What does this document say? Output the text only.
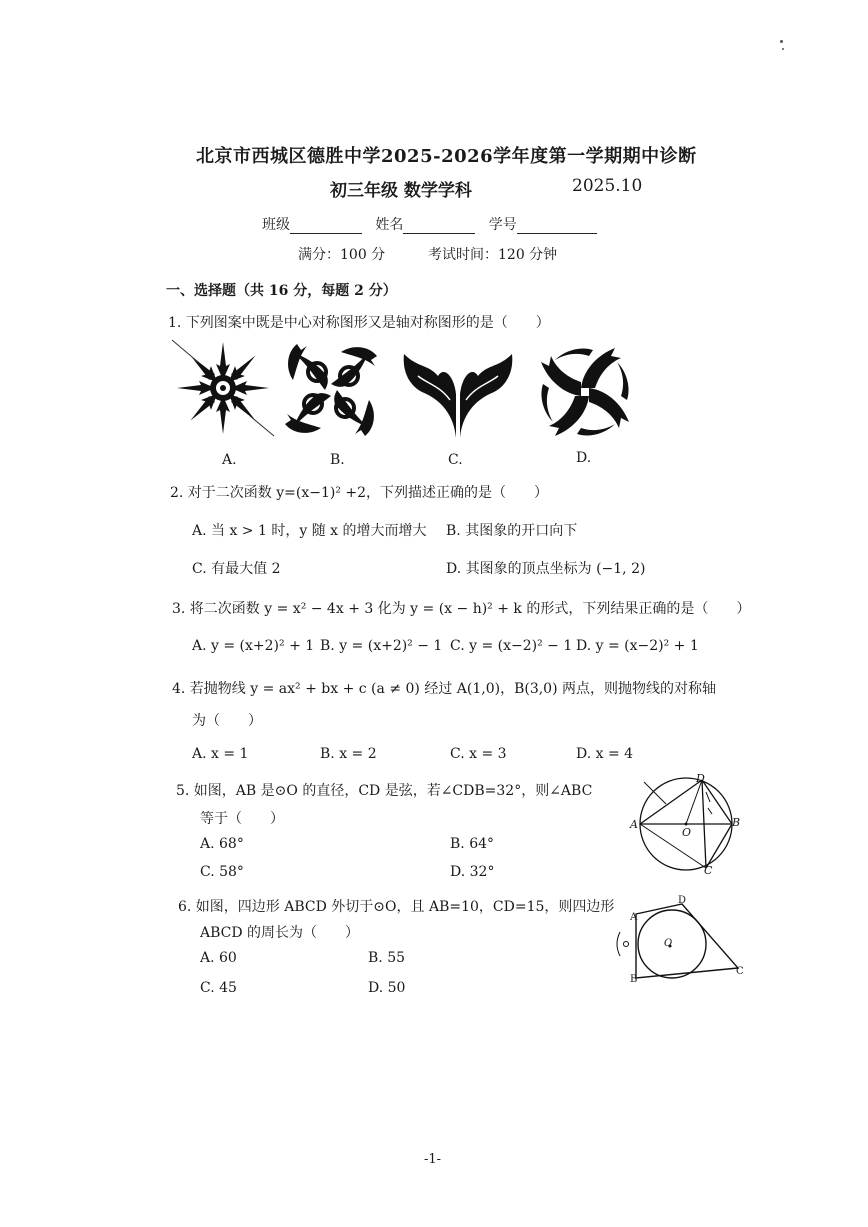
北京市西城区德胜中学2025-2026学年度第一学期期中诊断
初三年级 数学学科	2025.10
班级	姓名	学号
满分：100 分	考试时间：120 分钟
一、选择题（共 16 分，每题 2 分）
1. 下列图案中既是中心对称图形又是轴对称图形的是（　　）
A.	B.	C.	D.
2. 对于二次函数 y=(x−1)² +2，下列描述正确的是（　　）
A. 当 x > 1 时，y 随 x 的增大而增大 B. 其图象的开口向下
C. 有最大值 2	D. 其图象的顶点坐标为 (−1, 2)
3. 将二次函数 y = x² − 4x + 3 化为 y = (x − h)² + k 的形式，下列结果正确的是（　　）
A. y = (x+2)² + 1 B. y = (x+2)² − 1 C. y = (x−2)² − 1 D. y = (x−2)² + 1
4. 若抛物线 y = ax² + bx + c (a ≠ 0) 经过 A(1,0)，B(3,0) 两点，则抛物线的对称轴
为（　　）
A. x = 1	B. x = 2	C. x = 3	D. x = 4
5. 如图，AB 是⊙O 的直径，CD 是弦，若∠CDB=32°，则∠ABC
等于（　　）
A. 68°	B. 64°
C. 58°	D. 32°
D
A
O
B
C
6. 如图，四边形 ABCD 外切于⊙O，且 AB=10，CD=15，则四边形
ABCD 的周长为（　　）
A. 60	B. 55
C. 45	D. 50
A
D
O
B
C
-1-
